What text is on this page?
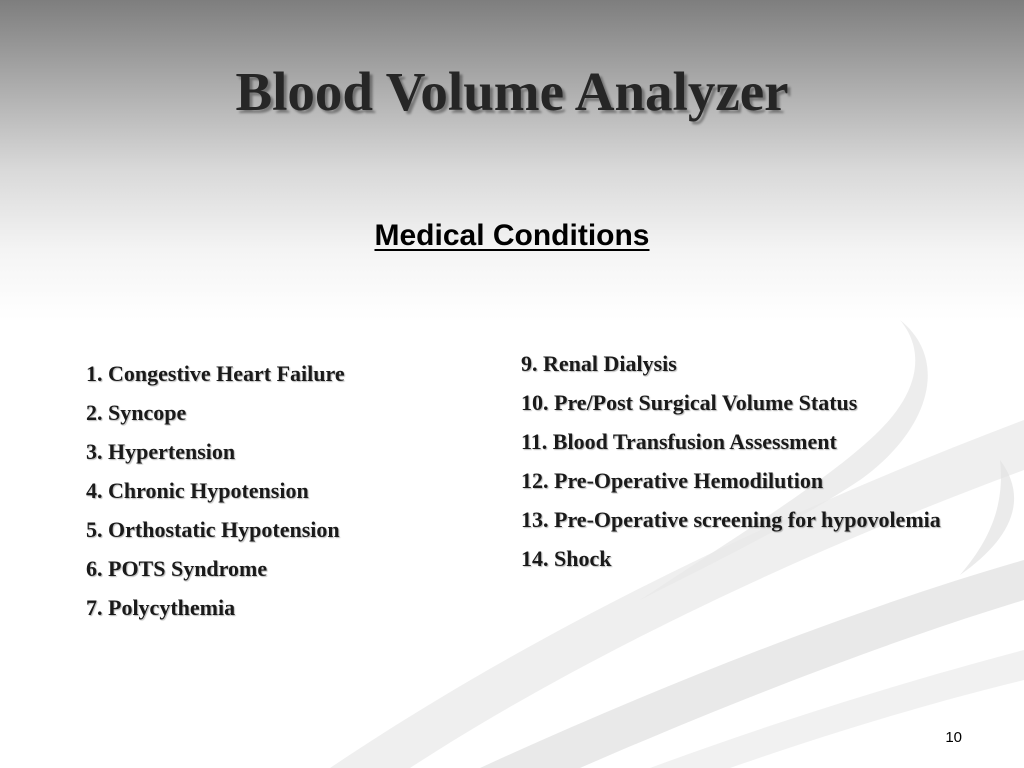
Blood Volume Analyzer
Medical Conditions
1. Congestive Heart Failure
2. Syncope
3. Hypertension
4. Chronic Hypotension
5. Orthostatic Hypotension
6. POTS Syndrome
7. Polycythemia
9. Renal Dialysis
10. Pre/Post Surgical Volume Status
11. Blood Transfusion Assessment
12. Pre-Operative Hemodilution
13. Pre-Operative screening for hypovolemia
14. Shock
10
